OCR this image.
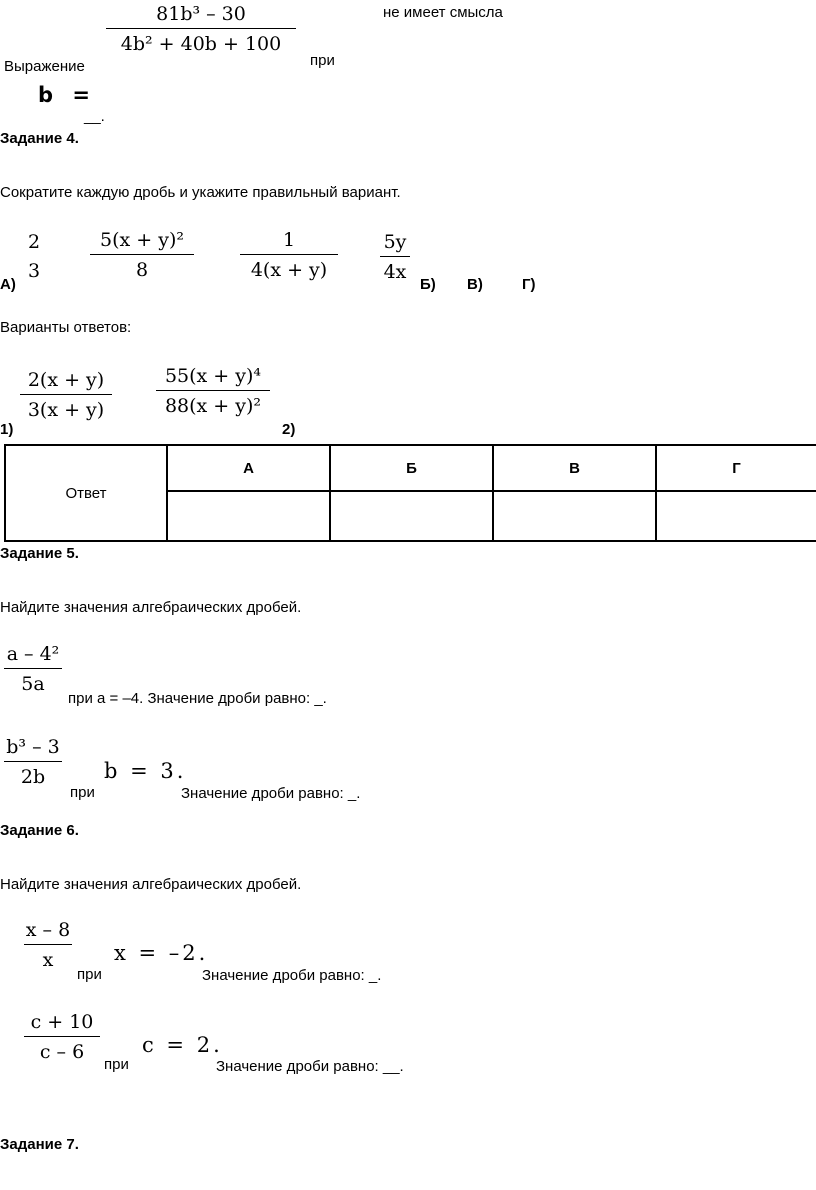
81b³ – 30
4b² + 40b + 100
Выражение	при
не имеет смысла
b =
__.
Задание 4.
Сократите каждую дробь и укажите правильный вариант.
2
3
5(x + y)²
8
1
4(x + y)
5y
4x
А)	Б) В)	Г)
Варианты ответов:
2(x + y)
3(x + y)
55(x + y)⁴
88(x + y)²
1)	2)
Ответ	А	Б	В	Г

Задание 5.
Найдите значения алгебраических дробей.
a – 4²
5a
при а = –4. Значение дроби равно: _.
b³ – 3
2b
при
b = 3.
Значение дроби равно: _.
Задание 6.
Найдите значения алгебраических дробей.
x – 8
x
при
x = –2.
Значение дроби равно: _.
c + 10
c – 6
при
c = 2.
Значение дроби равно: __.
Задание 7.
